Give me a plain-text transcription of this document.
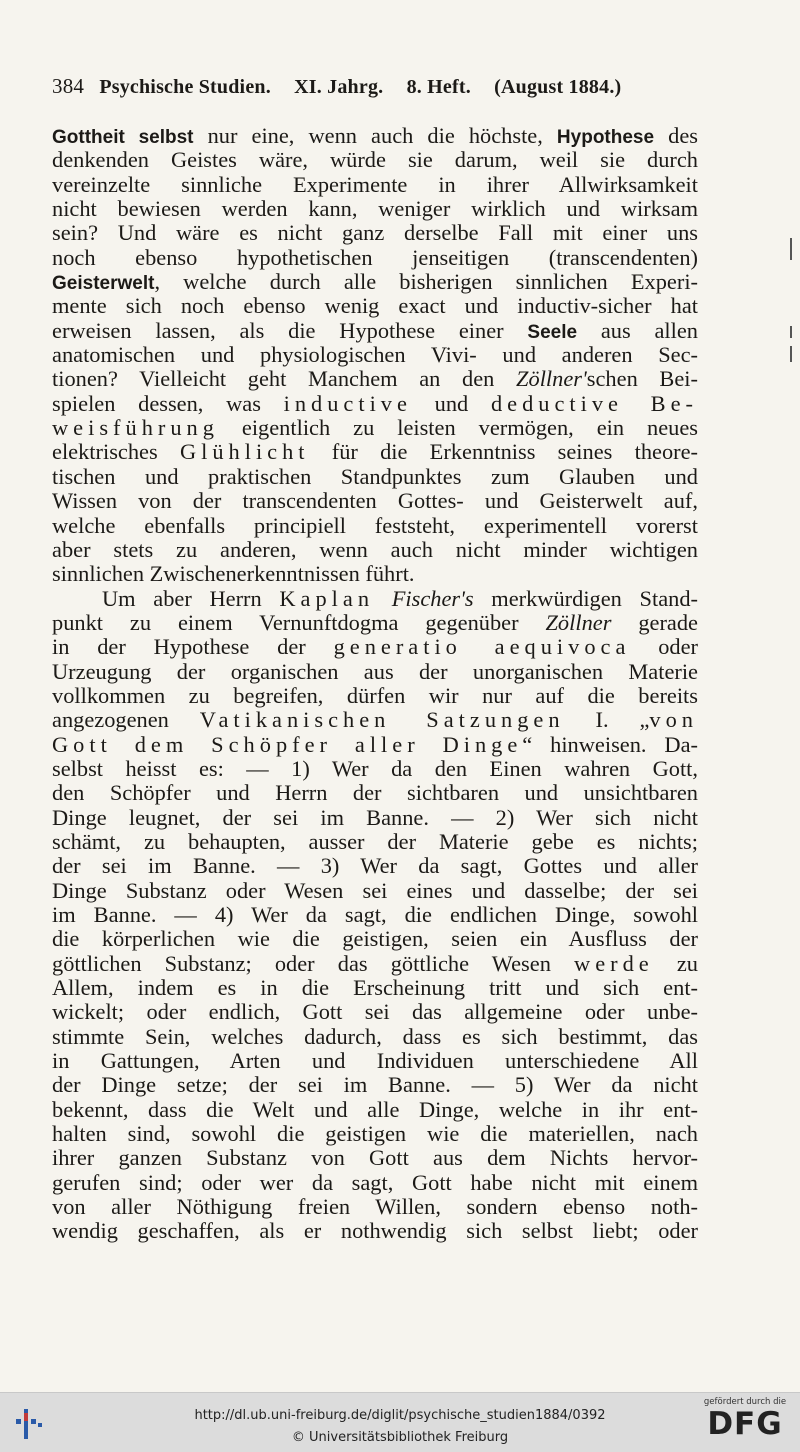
384 Psychische Studien. XI. Jahrg. 8. Heft. (August 1884.)
Gottheit selbst nur eine, wenn auch die höchste, Hypothese des
denkenden Geistes wäre, würde sie darum, weil sie durch
vereinzelte sinnliche Experimente in ihrer Allwirksamkeit
nicht bewiesen werden kann, weniger wirklich und wirksam
sein? Und wäre es nicht ganz derselbe Fall mit einer uns
noch ebenso hypothetischen jenseitigen (transcendenten)
Geisterwelt, welche durch alle bisherigen sinnlichen Experi-
mente sich noch ebenso wenig exact und inductiv-sicher hat
erweisen lassen, als die Hypothese einer Seele aus allen
anatomischen und physiologischen Vivi- und anderen Sec-
tionen? Vielleicht geht Manchem an den Zöllner'schen Bei-
spielen dessen, was inductive und deductive Be-
weisführung eigentlich zu leisten vermögen, ein neues
elektrisches Glühlicht für die Erkenntniss seines theore-
tischen und praktischen Standpunktes zum Glauben und
Wissen von der transcendenten Gottes- und Geisterwelt auf,
welche ebenfalls principiell feststeht, experimentell vorerst
aber stets zu anderen, wenn auch nicht minder wichtigen
sinnlichen Zwischenerkenntnissen führt.
Um aber Herrn Kaplan Fischer's merkwürdigen Stand-
punkt zu einem Vernunftdogma gegenüber Zöllner gerade
in der Hypothese der generatio aequivoca oder
Urzeugung der organischen aus der unorganischen Materie
vollkommen zu begreifen, dürfen wir nur auf die bereits
angezogenen Vatikanischen Satzungen I. „von
Gott dem Schöpfer aller Dinge“ hinweisen. Da-
selbst heisst es: — 1) Wer da den Einen wahren Gott,
den Schöpfer und Herrn der sichtbaren und unsichtbaren
Dinge leugnet, der sei im Banne. — 2) Wer sich nicht
schämt, zu behaupten, ausser der Materie gebe es nichts;
der sei im Banne. — 3) Wer da sagt, Gottes und aller
Dinge Substanz oder Wesen sei eines und dasselbe; der sei
im Banne. — 4) Wer da sagt, die endlichen Dinge, sowohl
die körperlichen wie die geistigen, seien ein Ausfluss der
göttlichen Substanz; oder das göttliche Wesen werde zu
Allem, indem es in die Erscheinung tritt und sich ent-
wickelt; oder endlich, Gott sei das allgemeine oder unbe-
stimmte Sein, welches dadurch, dass es sich bestimmt, das
in Gattungen, Arten und Individuen unterschiedene All
der Dinge setze; der sei im Banne. — 5) Wer da nicht
bekennt, dass die Welt und alle Dinge, welche in ihr ent-
halten sind, sowohl die geistigen wie die materiellen, nach
ihrer ganzen Substanz von Gott aus dem Nichts hervor-
gerufen sind; oder wer da sagt, Gott habe nicht mit einem
von aller Nöthigung freien Willen, sondern ebenso noth-
wendig geschaffen, als er nothwendig sich selbst liebt; oder
http://dl.ub.uni-freiburg.de/diglit/psychische_studien1884/0392
© Universitätsbibliothek Freiburg
gefördert durch die
DFG
